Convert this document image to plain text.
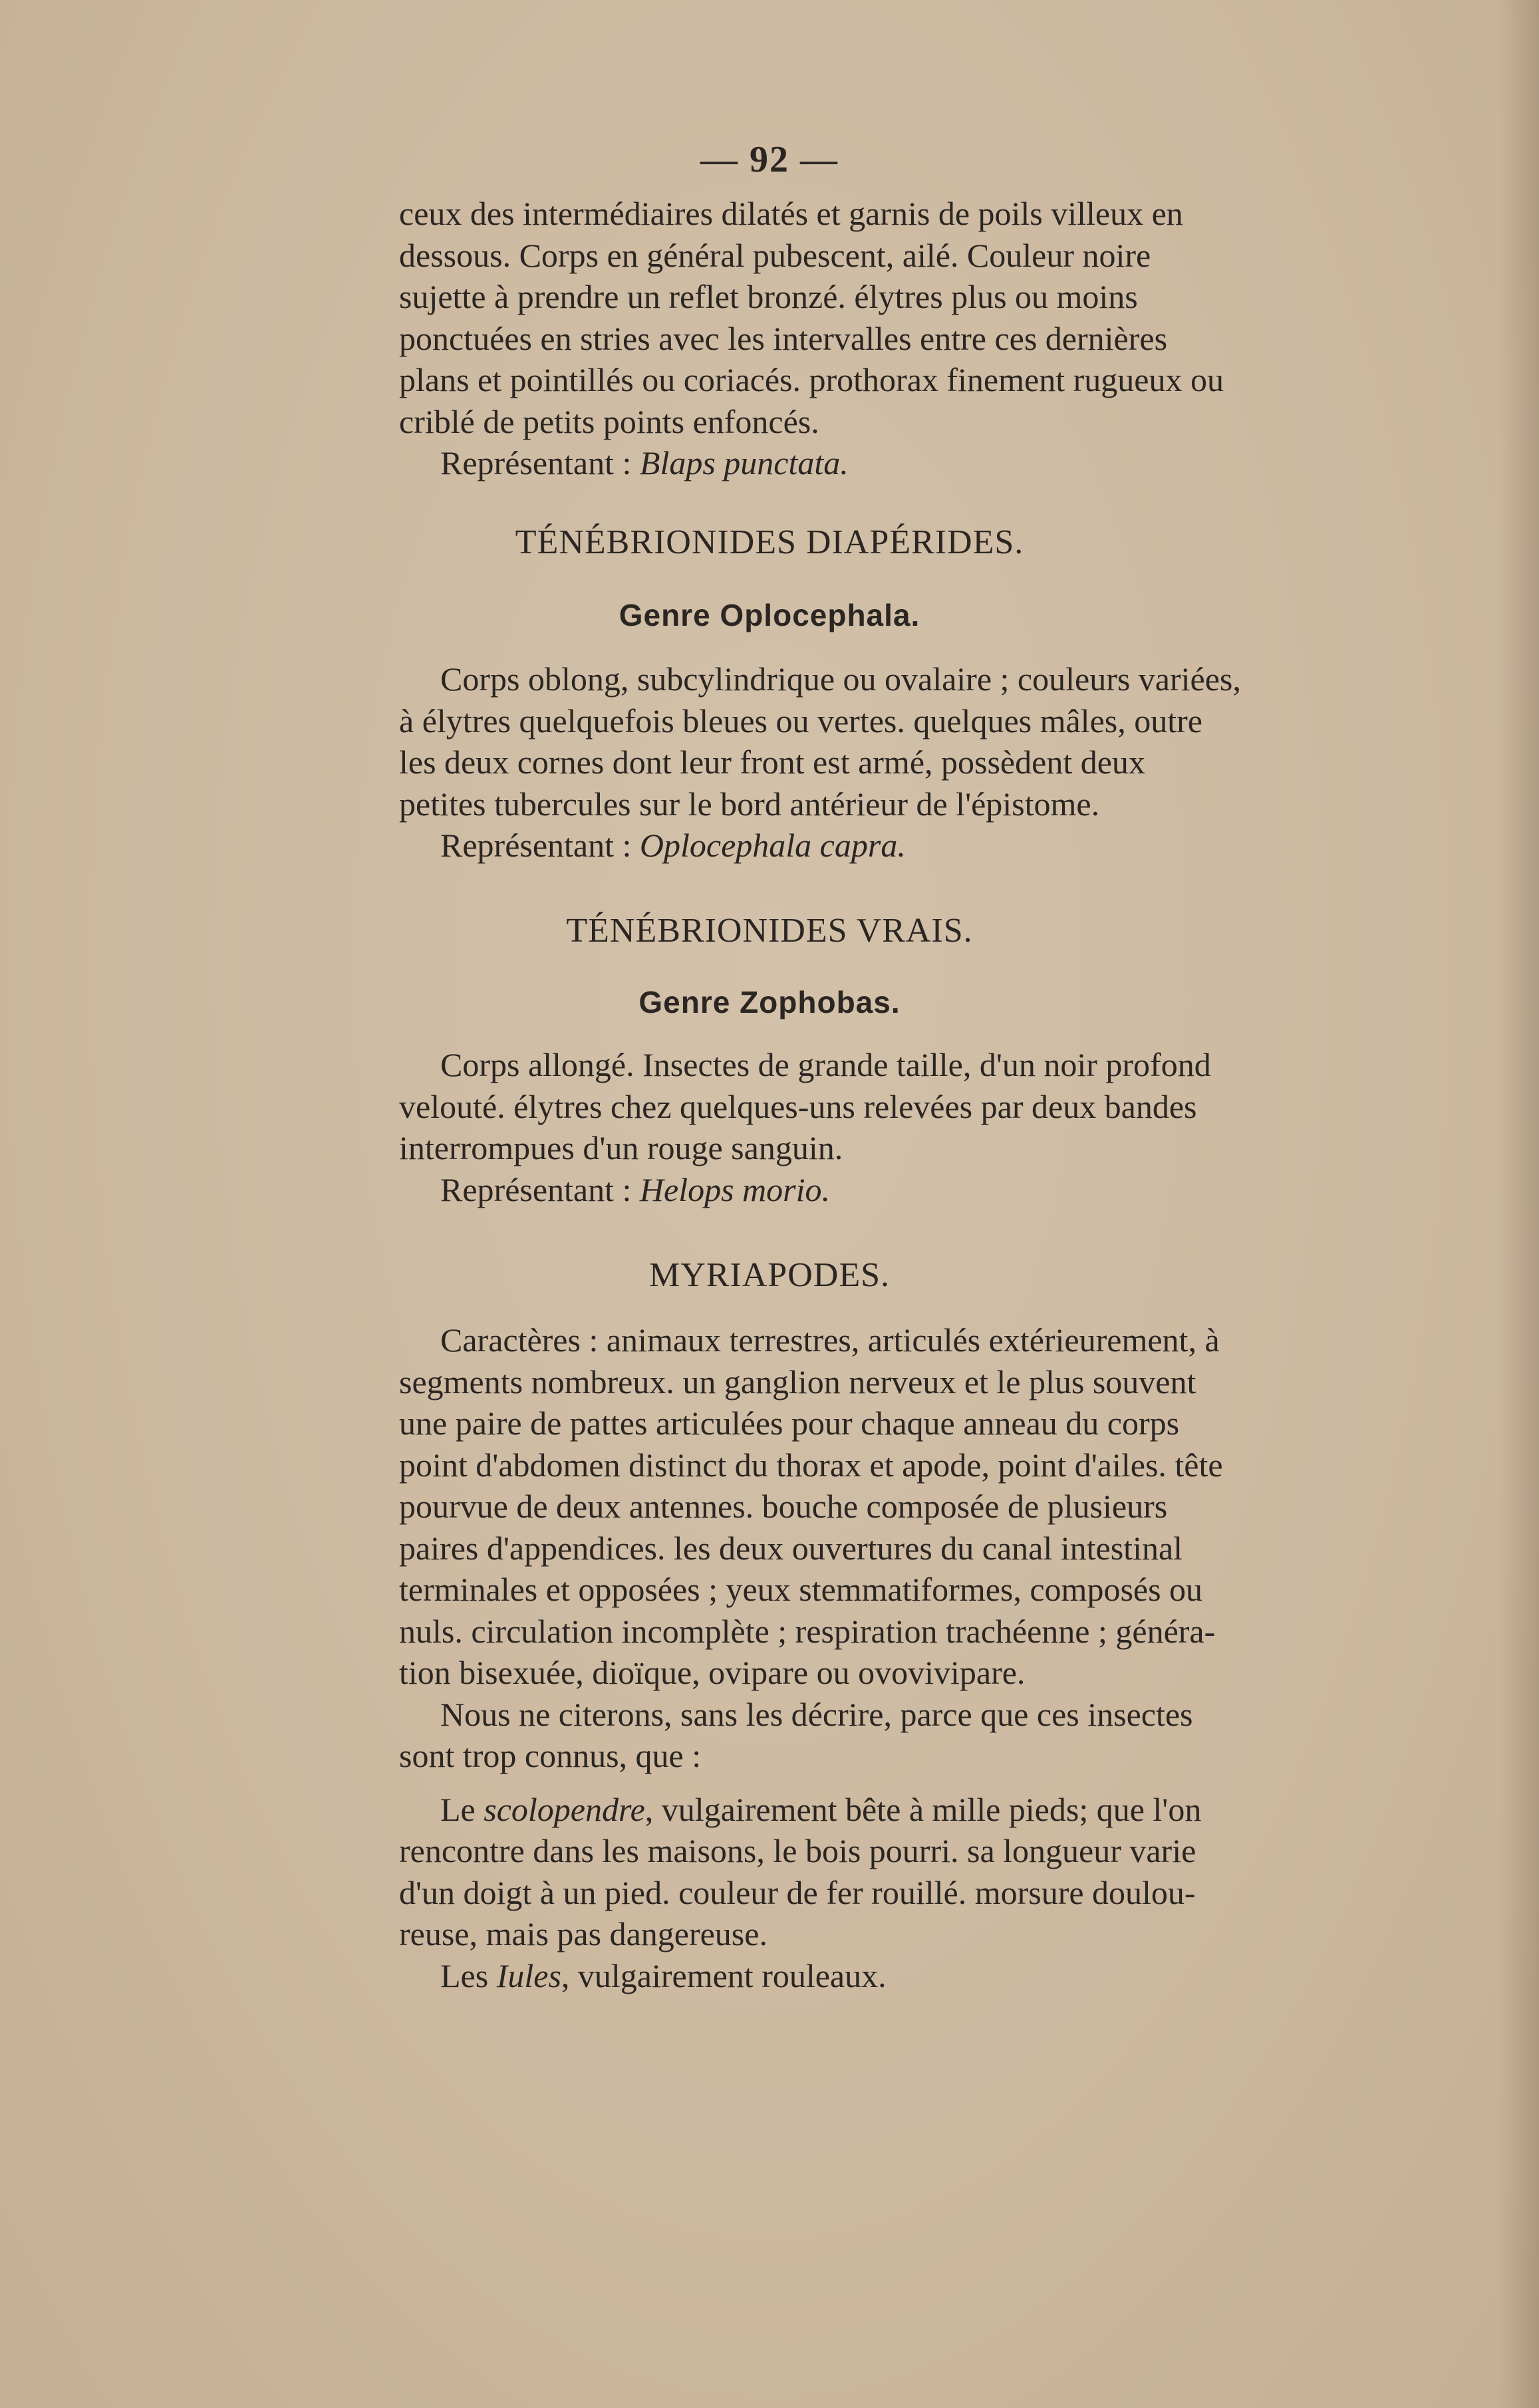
— 92 —

ceux des intermédiaires dilatés et garnis de poils villeux en

dessous. Corps en général pubescent, ailé. Couleur noire

sujette à prendre un reflet bronzé. élytres plus ou moins

ponctuées en stries avec les intervalles entre ces dernières

plans et pointillés ou coriacés. prothorax finement rugueux ou

criblé de petits points enfoncés.

Représentant : Blaps punctata.

TÉNÉBRIONIDES DIAPÉRIDES.
Genre Oplocephala.

Corps oblong, subcylindrique ou ovalaire ; couleurs variées,

à élytres quelquefois bleues ou vertes. quelques mâles, outre

les deux cornes dont leur front est armé, possèdent deux

petites tubercules sur le bord antérieur de l'épistome.

Représentant : Oplocephala capra.

TÉNÉBRIONIDES VRAIS.
Genre Zophobas.

Corps allongé. Insectes de grande taille, d'un noir profond

velouté. élytres chez quelques-uns relevées par deux bandes

interrompues d'un rouge sanguin.

Représentant : Helops morio.

MYRIAPODES.

Caractères : animaux terrestres, articulés extérieurement, à

segments nombreux. un ganglion nerveux et le plus souvent

une paire de pattes articulées pour chaque anneau du corps

point d'abdomen distinct du thorax et apode, point d'ailes. tête

pourvue de deux antennes. bouche composée de plusieurs

paires d'appendices. les deux ouvertures du canal intestinal

terminales et opposées ; yeux stemmatiformes, composés ou

nuls. circulation incomplète ; respiration trachéenne ; généra-

tion bisexuée, dioïque, ovipare ou ovovivipare.

Nous ne citerons, sans les décrire, parce que ces insectes

sont trop connus, que :

Le scolopendre, vulgairement bête à mille pieds; que l'on

rencontre dans les maisons, le bois pourri. sa longueur varie

d'un doigt à un pied. couleur de fer rouillé. morsure doulou-

reuse, mais pas dangereuse.

Les Iules, vulgairement rouleaux.
